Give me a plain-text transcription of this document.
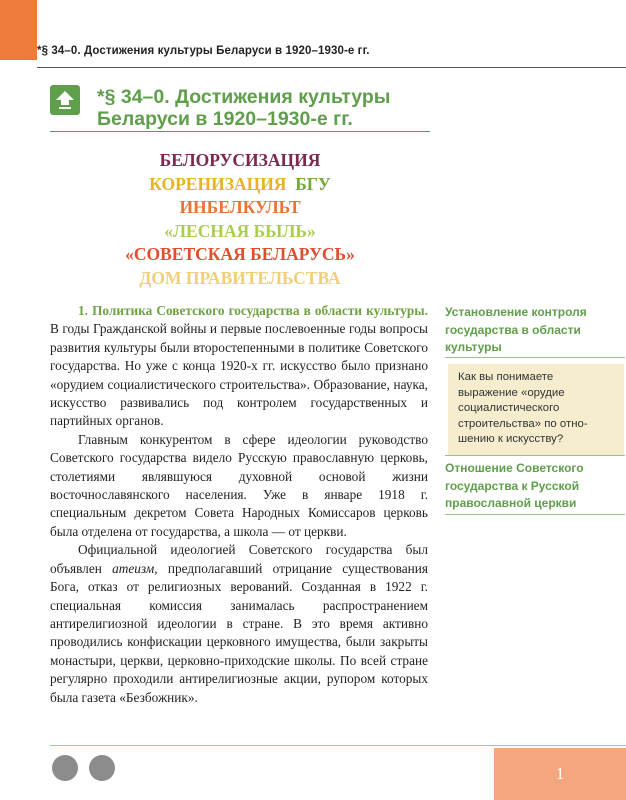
*§ 34–0. Достижения культуры Беларуси в 1920–1930-е гг.
*§ 34–0. Достижения культуры
Беларуси в 1920–1930-е гг.
БЕЛОРУСИЗАЦИЯ
КОРЕНИЗАЦИЯ БГУ
ИНБЕЛКУЛЬТ
«ЛЕСНАЯ БЫЛЬ»
«СОВЕТСКАЯ БЕЛАРУСЬ»
ДОМ ПРАВИТЕЛЬСТВА

1. Политика Советского государства в области культуры. В годы Гражданской войны и первые послевоенные годы вопросы развития культуры были второстепенными в политике Советского государства. Но уже с конца 1920-х гг. искусство было признано «орудием социалистического строительства». Образование, наука, искусство развивались под контролем государственных и партийных органов.

Главным конкурентом в сфере идеологии руководство Советского государства видело Русскую православную церковь, столетиями являвшуюся духовной основой жизни восточнославянского населения. Уже в январе 1918 г. специальным декретом Совета Народных Комиссаров церковь была отделена от государства, а школа — от церкви.

Официальной идеологией Советского государства был объявлен атеизм, предполагавший отрицание существования Бога, отказ от религиозных верований. Созданная в 1922 г. специальная комиссия занималась распространением антирелигиозной идеологии в стране. В это время активно проводились конфискации церковного имущества, были закрыты монастыри, церкви, церковно-приходские школы. По всей стране регулярно проходили антирелигиозные акции, рупором которых была газета «Безбожник».

Установление контроля государства в области культуры
Как вы понимаете выражение «орудие социалистического строительства» по отношению к искусству?
Отношение Советского государства к Русской православной церкви
1
